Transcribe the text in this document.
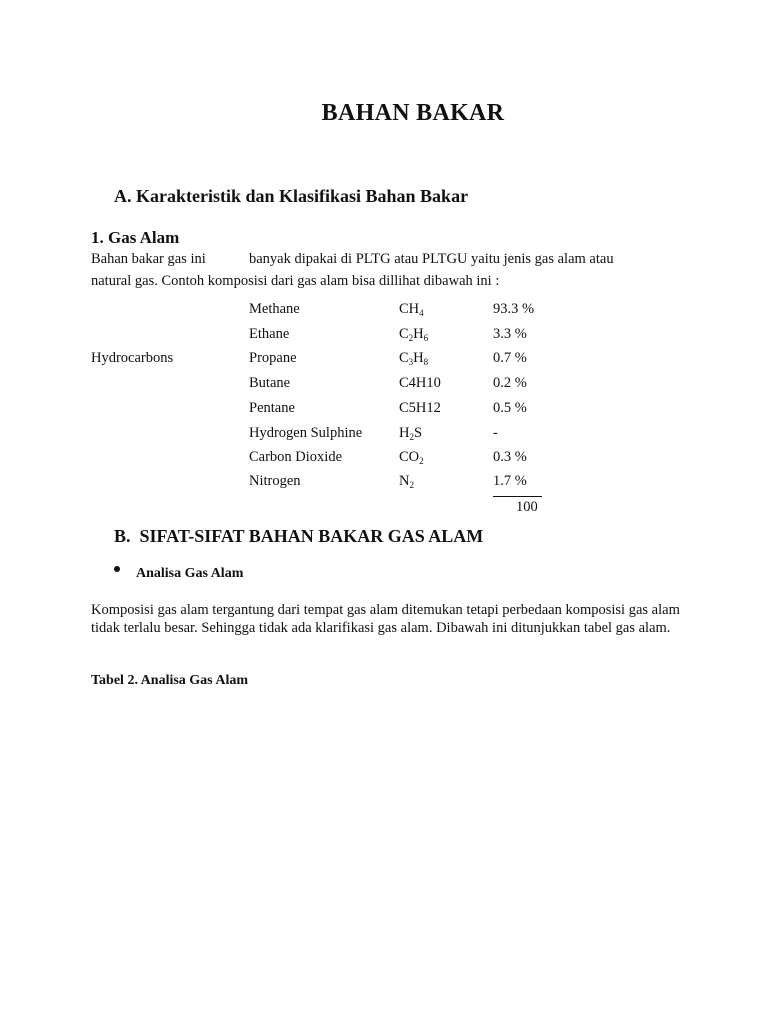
BAHAN BAKAR
A. Karakteristik dan Klasifikasi Bahan Bakar
1. Gas Alam
Bahan bakar gas ini	banyak dipakai di PLTG atau PLTGU yaitu jenis gas alam atau
natural gas. Contoh komposisi dari gas alam bisa dillihat dibawah ini :
Hydrocarbons
Methane	$CH_4$	93.3 %
Ethane	$C_2H_6$	3.3 %
Propane	$C_3H_8$	0.7 %
Butane	C4H10	0.2 %
Pentane	C5H12	0.5 %
Hydrogen Sulphine	$H_2S$	-
Carbon Dioxide	$CO_2$	0.3 %
Nitrogen	$N_2$	1.7 %
100
B.  SIFAT-SIFAT BAHAN BAKAR GAS ALAM
Analisa Gas Alam
Komposisi gas alam tergantung dari tempat gas alam ditemukan tetapi perbedaan komposisi gas alam tidak terlalu besar. Sehingga tidak ada klarifikasi gas alam. Dibawah ini ditunjukkan tabel gas alam.
Tabel 2. Analisa Gas Alam
